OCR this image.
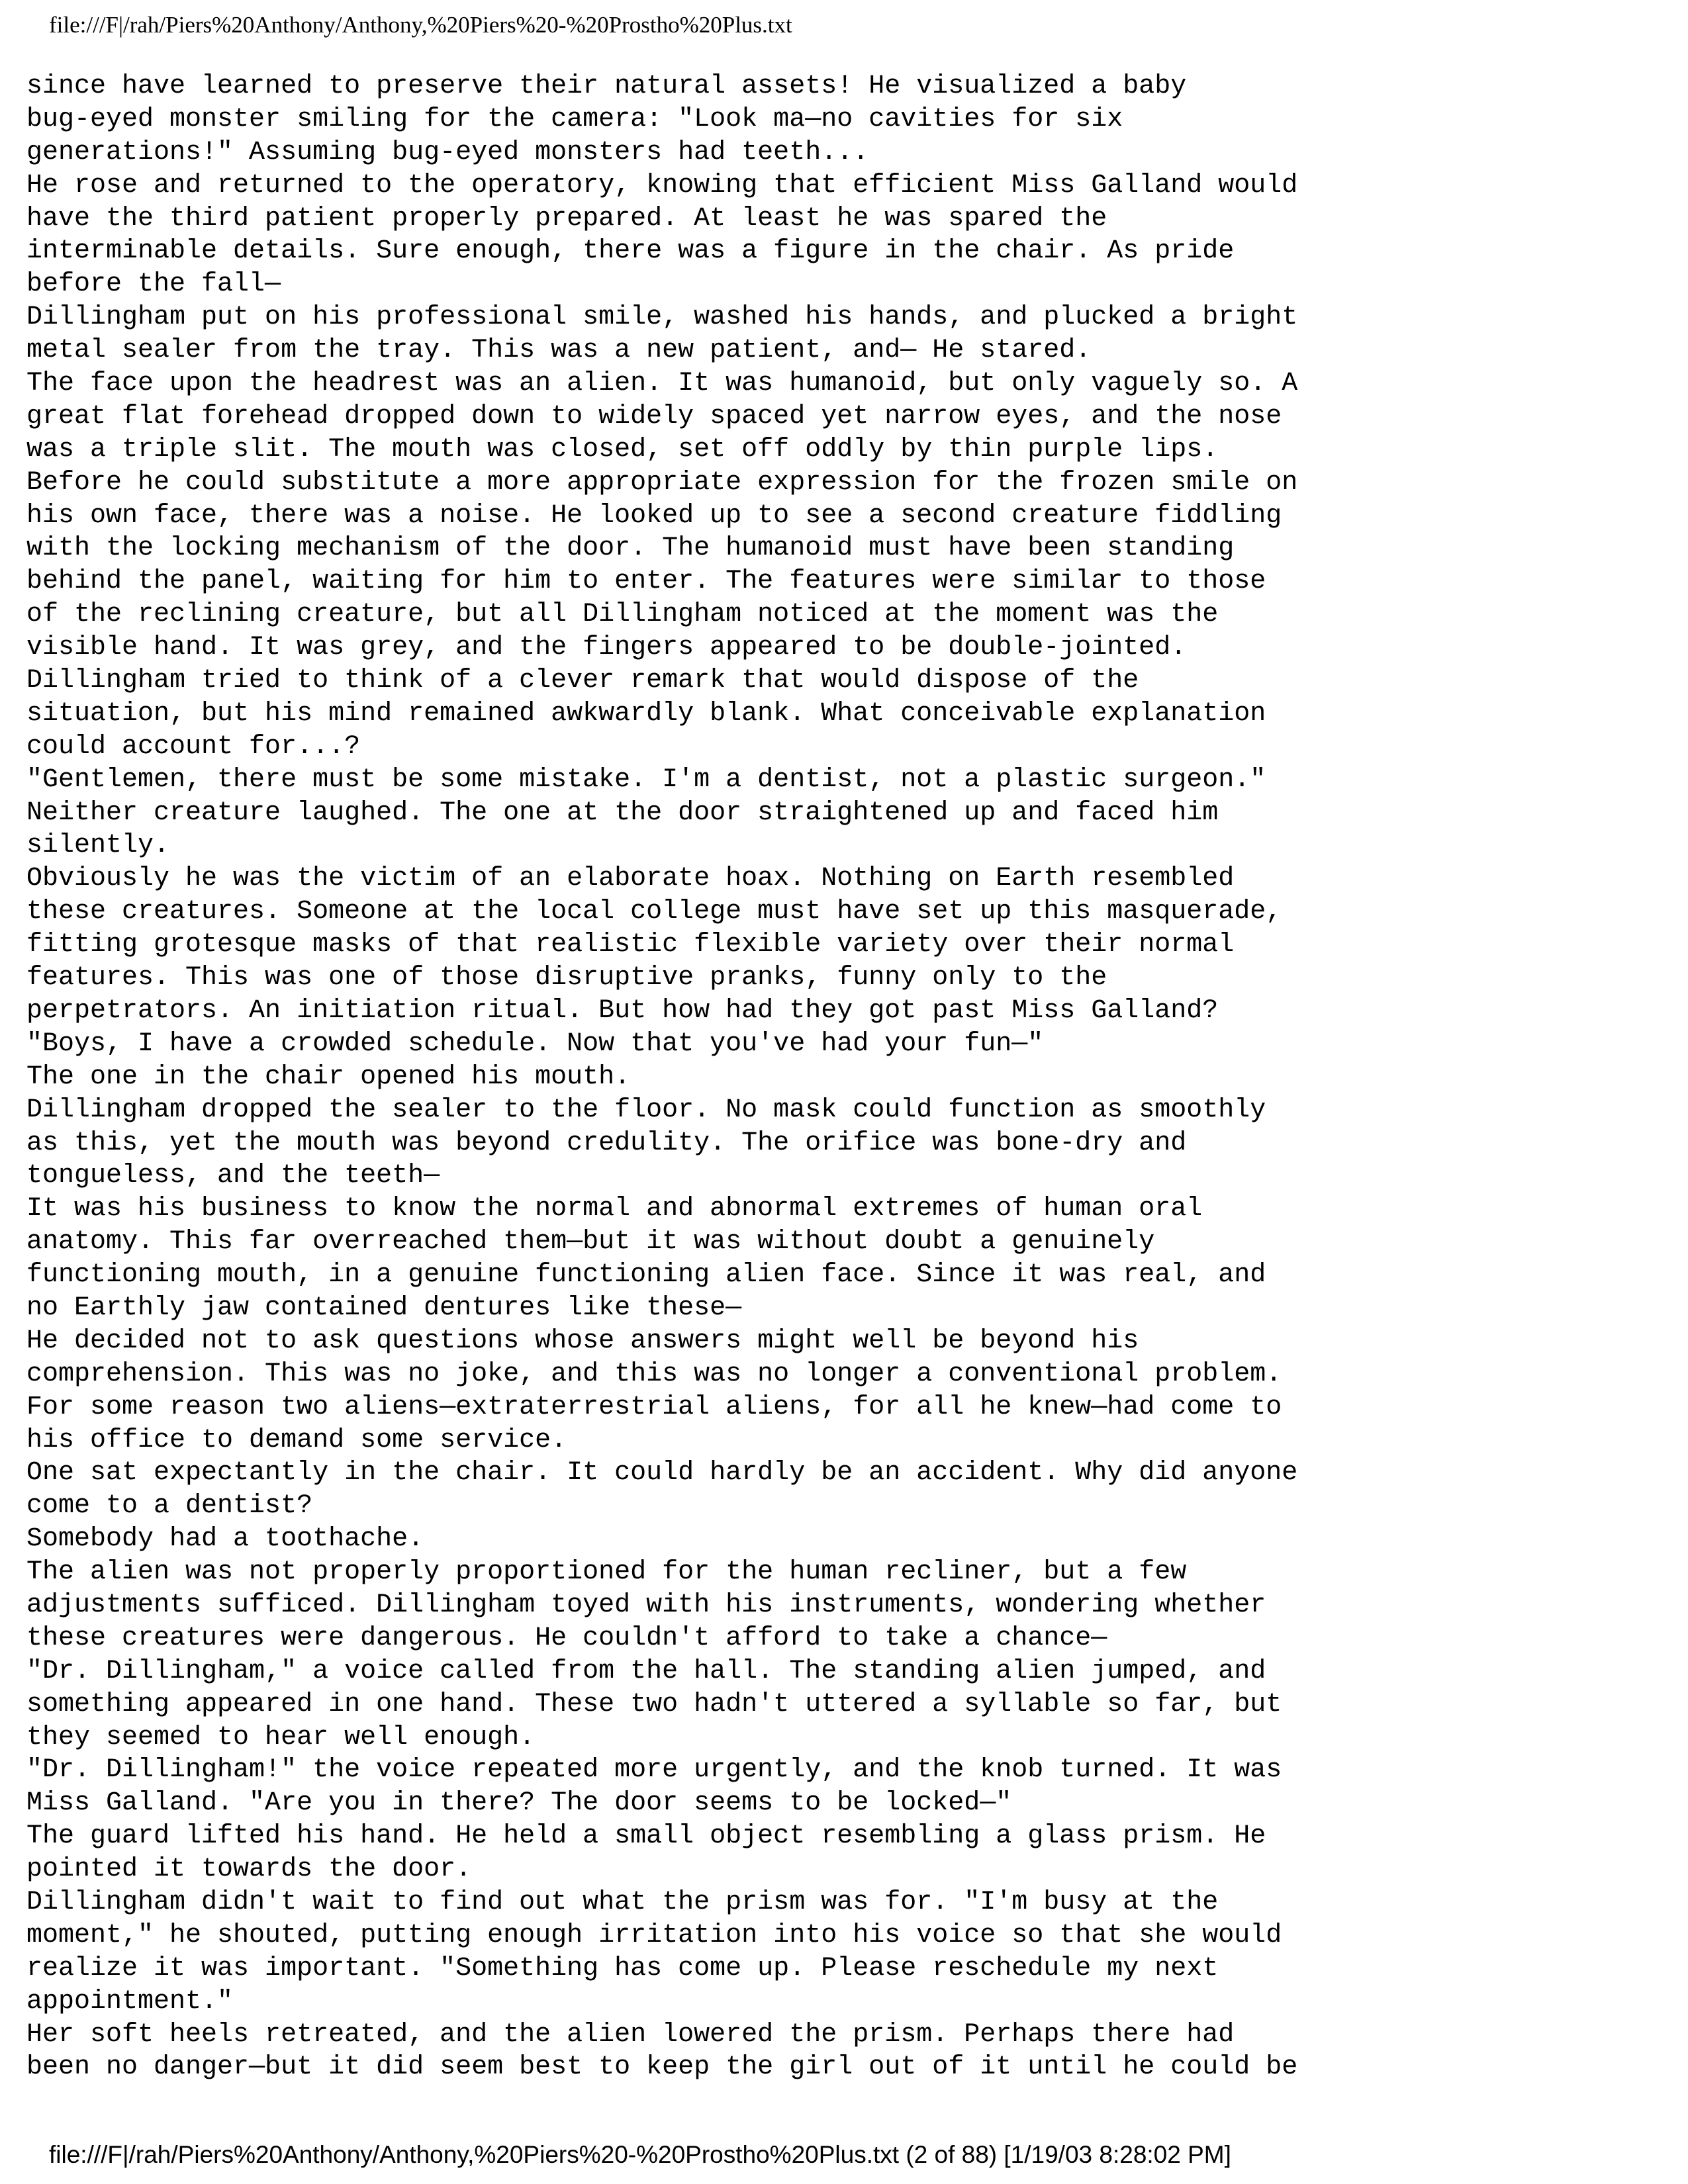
file:///F|/rah/Piers%20Anthony/Anthony,%20Piers%20-%20Prostho%20Plus.txt
since have learned to preserve their natural assets! He visualized a baby
bug-eyed monster smiling for the camera: "Look ma—no cavities for six
generations!" Assuming bug-eyed monsters had teeth...
He rose and returned to the operatory, knowing that efficient Miss Galland would
have the third patient properly prepared. At least he was spared the
interminable details. Sure enough, there was a figure in the chair. As pride
before the fall—
Dillingham put on his professional smile, washed his hands, and plucked a bright
metal sealer from the tray. This was a new patient, and— He stared.
The face upon the headrest was an alien. It was humanoid, but only vaguely so. A
great flat forehead dropped down to widely spaced yet narrow eyes, and the nose
was a triple slit. The mouth was closed, set off oddly by thin purple lips.
Before he could substitute a more appropriate expression for the frozen smile on
his own face, there was a noise. He looked up to see a second creature fiddling
with the locking mechanism of the door. The humanoid must have been standing
behind the panel, waiting for him to enter. The features were similar to those
of the reclining creature, but all Dillingham noticed at the moment was the
visible hand. It was grey, and the fingers appeared to be double-jointed.
Dillingham tried to think of a clever remark that would dispose of the
situation, but his mind remained awkwardly blank. What conceivable explanation
could account for...?
"Gentlemen, there must be some mistake. I'm a dentist, not a plastic surgeon."
Neither creature laughed. The one at the door straightened up and faced him
silently.
Obviously he was the victim of an elaborate hoax. Nothing on Earth resembled
these creatures. Someone at the local college must have set up this masquerade,
fitting grotesque masks of that realistic flexible variety over their normal
features. This was one of those disruptive pranks, funny only to the
perpetrators. An initiation ritual. But how had they got past Miss Galland?
"Boys, I have a crowded schedule. Now that you've had your fun—"
The one in the chair opened his mouth.
Dillingham dropped the sealer to the floor. No mask could function as smoothly
as this, yet the mouth was beyond credulity. The orifice was bone-dry and
tongueless, and the teeth—
It was his business to know the normal and abnormal extremes of human oral
anatomy. This far overreached them—but it was without doubt a genuinely
functioning mouth, in a genuine functioning alien face. Since it was real, and
no Earthly jaw contained dentures like these—
He decided not to ask questions whose answers might well be beyond his
comprehension. This was no joke, and this was no longer a conventional problem.
For some reason two aliens—extraterrestrial aliens, for all he knew—had come to
his office to demand some service.
One sat expectantly in the chair. It could hardly be an accident. Why did anyone
come to a dentist?
Somebody had a toothache.
The alien was not properly proportioned for the human recliner, but a few
adjustments sufficed. Dillingham toyed with his instruments, wondering whether
these creatures were dangerous. He couldn't afford to take a chance—
"Dr. Dillingham," a voice called from the hall. The standing alien jumped, and
something appeared in one hand. These two hadn't uttered a syllable so far, but
they seemed to hear well enough.
"Dr. Dillingham!" the voice repeated more urgently, and the knob turned. It was
Miss Galland. "Are you in there? The door seems to be locked—"
The guard lifted his hand. He held a small object resembling a glass prism. He
pointed it towards the door.
Dillingham didn't wait to find out what the prism was for. "I'm busy at the
moment," he shouted, putting enough irritation into his voice so that she would
realize it was important. "Something has come up. Please reschedule my next
appointment."
Her soft heels retreated, and the alien lowered the prism. Perhaps there had
been no danger—but it did seem best to keep the girl out of it until he could be
file:///F|/rah/Piers%20Anthony/Anthony,%20Piers%20-%20Prostho%20Plus.txt (2 of 88) [1/19/03 8:28:02 PM]
